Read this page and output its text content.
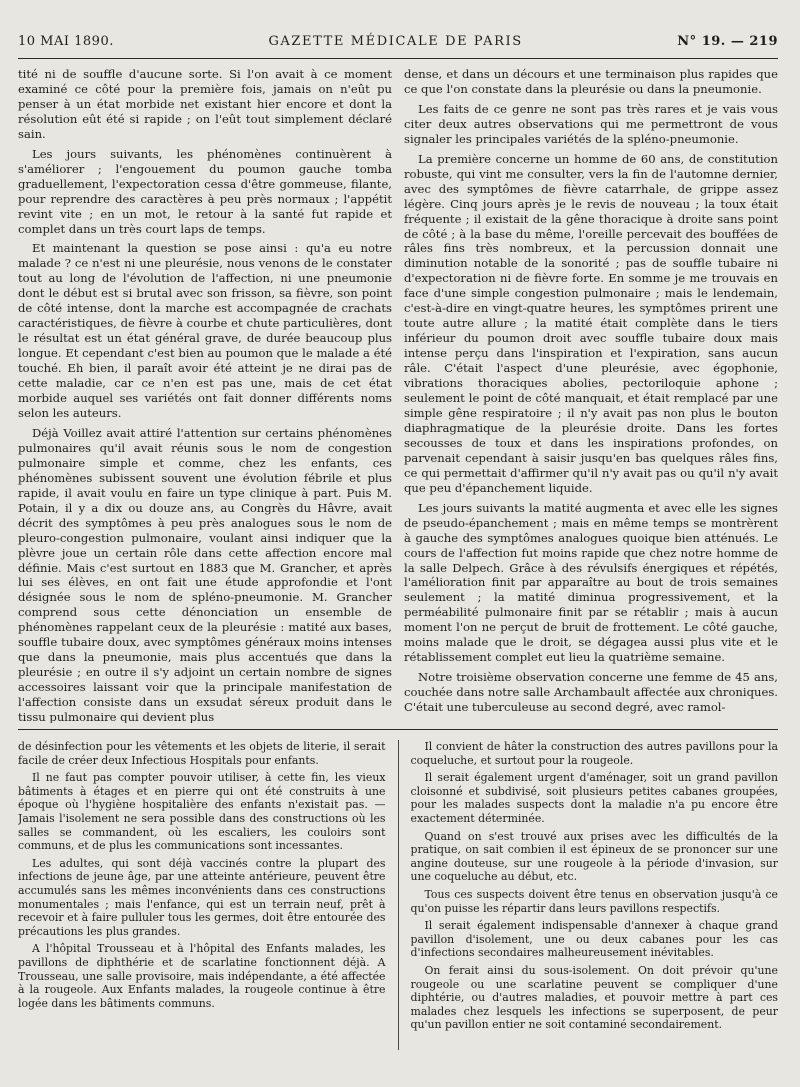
10 MAI 1890.	GAZETTE MÉDICALE DE PARIS	N° 19. — 219

tité ni de souffle d'aucune sorte. Si l'on avait à ce moment examiné ce côté pour la première fois, jamais on n'eût pu penser à un état morbide net existant hier encore et dont la résolution eût été si rapide ; on l'eût tout simplement déclaré sain.

Les jours suivants, les phénomènes continuèrent à s'améliorer ; l'engouement du poumon gauche tomba graduellement, l'expectoration cessa d'être gommeuse, filante, pour reprendre des caractères à peu près normaux ; l'appétit revint vite ; en un mot, le retour à la santé fut rapide et complet dans un très court laps de temps.

Et maintenant la question se pose ainsi : qu'a eu notre malade ? ce n'est ni une pleurésie, nous venons de le constater tout au long de l'évolution de l'affection, ni une pneumonie dont le début est si brutal avec son frisson, sa fièvre, son point de côté intense, dont la marche est accompagnée de crachats caractéristiques, de fièvre à courbe et chute particulières, dont le résultat est un état général grave, de durée beaucoup plus longue. Et cependant c'est bien au poumon que le malade a été touché. Eh bien, il paraît avoir été atteint je ne dirai pas de cette maladie, car ce n'en est pas une, mais de cet état morbide auquel ses variétés ont fait donner différents noms selon les auteurs.

Déjà Voillez avait attiré l'attention sur certains phénomènes pulmonaires qu'il avait réunis sous le nom de congestion pulmonaire simple et comme, chez les enfants, ces phénomènes subissent souvent une évolution fébrile et plus rapide, il avait voulu en faire un type clinique à part. Puis M. Potain, il y a dix ou douze ans, au Congrès du Hâvre, avait décrit des symptômes à peu près analogues sous le nom de pleuro-congestion pulmonaire, voulant ainsi indiquer que la plèvre joue un certain rôle dans cette affection encore mal définie. Mais c'est surtout en 1883 que M. Grancher, et après lui ses élèves, en ont fait une étude approfondie et l'ont désignée sous le nom de spléno-pneumonie. M. Grancher comprend sous cette dénonciation un ensemble de phénomènes rappelant ceux de la pleurésie : matité aux bases, souffle tubaire doux, avec symptômes généraux moins intenses que dans la pneumonie, mais plus accentués que dans la pleurésie ; en outre il s'y adjoint un certain nombre de signes accessoires laissant voir que la principale manifestation de l'affection consiste dans un exsudat séreux produit dans le tissu pulmonaire qui devient plus

dense, et dans un décours et une terminaison plus rapides que ce que l'on constate dans la pleurésie ou dans la pneumonie.

Les faits de ce genre ne sont pas très rares et je vais vous citer deux autres observations qui me permettront de vous signaler les principales variétés de la spléno-pneumonie.

La première concerne un homme de 60 ans, de constitution robuste, qui vint me consulter, vers la fin de l'automne dernier, avec des symptômes de fièvre catarrhale, de grippe assez légère. Cinq jours après je le revis de nouveau ; la toux était fréquente ; il existait de la gêne thoracique à droite sans point de côté ; à la base du même, l'oreille percevait des bouffées de râles fins très nombreux, et la percussion donnait une diminution notable de la sonorité ; pas de souffle tubaire ni d'expectoration ni de fièvre forte. En somme je me trouvais en face d'une simple congestion pulmonaire ; mais le lendemain, c'est-à-dire en vingt-quatre heures, les symptômes prirent une toute autre allure ; la matité était complète dans le tiers inférieur du poumon droit avec souffle tubaire doux mais intense perçu dans l'inspiration et l'expiration, sans aucun râle. C'était l'aspect d'une pleurésie, avec égophonie, vibrations thoraciques abolies, pectoriloquie aphone ; seulement le point de côté manquait, et était remplacé par une simple gêne respiratoire ; il n'y avait pas non plus le bouton diaphragmatique de la pleurésie droite. Dans les fortes secousses de toux et dans les inspirations profondes, on parvenait cependant à saisir jusqu'en bas quelques râles fins, ce qui permettait d'affirmer qu'il n'y avait pas ou qu'il n'y avait que peu d'épanchement liquide.

Les jours suivants la matité augmenta et avec elle les signes de pseudo-épanchement ; mais en même temps se montrèrent à gauche des symptômes analogues quoique bien atténués. Le cours de l'affection fut moins rapide que chez notre homme de la salle Delpech. Grâce à des révulsifs énergiques et répétés, l'amélioration finit par apparaître au bout de trois semaines seulement ; la matité diminua progressivement, et la perméabilité pulmonaire finit par se rétablir ; mais à aucun moment l'on ne perçut de bruit de frottement. Le côté gauche, moins malade que le droit, se dégagea aussi plus vite et le rétablissement complet eut lieu la quatrième semaine.

Notre troisième observation concerne une femme de 45 ans, couchée dans notre salle Archambault affectée aux chroniques. C'était une tuberculeuse au second degré, avec ramol-

de désinfection pour les vêtements et les objets de literie, il serait facile de créer deux Infectious Hospitals pour enfants.

Il ne faut pas compter pouvoir utiliser, à cette fin, les vieux bâtiments à étages et en pierre qui ont été construits à une époque où l'hygiène hospitalière des enfants n'existait pas. — Jamais l'isolement ne sera possible dans des constructions où les salles se commandent, où les escaliers, les couloirs sont communs, et de plus les communications sont incessantes.

Les adultes, qui sont déjà vaccinés contre la plupart des infections de jeune âge, par une atteinte antérieure, peuvent être accumulés sans les mêmes inconvénients dans ces constructions monumentales ; mais l'enfance, qui est un terrain neuf, prêt à recevoir et à faire pulluler tous les germes, doit être entourée des précautions les plus grandes.

A l'hôpital Trousseau et à l'hôpital des Enfants malades, les pavillons de diphthérie et de scarlatine fonctionnent déjà. A Trousseau, une salle provisoire, mais indépendante, a été affectée à la rougeole. Aux Enfants malades, la rougeole continue à être logée dans les bâtiments communs.

Il convient de hâter la construction des autres pavillons pour la coqueluche, et surtout pour la rougeole.

Il serait également urgent d'aménager, soit un grand pavillon cloisonné et subdivisé, soit plusieurs petites cabanes groupées, pour les malades suspects dont la maladie n'a pu encore être exactement déterminée.

Quand on s'est trouvé aux prises avec les difficultés de la pratique, on sait combien il est épineux de se prononcer sur une angine douteuse, sur une rougeole à la période d'invasion, sur une coqueluche au début, etc.

Tous ces suspects doivent être tenus en observation jusqu'à ce qu'on puisse les répartir dans leurs pavillons respectifs.

Il serait également indispensable d'annexer à chaque grand pavillon d'isolement, une ou deux cabanes pour les cas d'infections secondaires malheureusement inévitables.

On ferait ainsi du sous-isolement. On doit prévoir qu'une rougeole ou une scarlatine peuvent se compliquer d'une diphtérie, ou d'autres maladies, et pouvoir mettre à part ces malades chez lesquels les infections se superposent, de peur qu'un pavillon entier ne soit contaminé secondairement.
